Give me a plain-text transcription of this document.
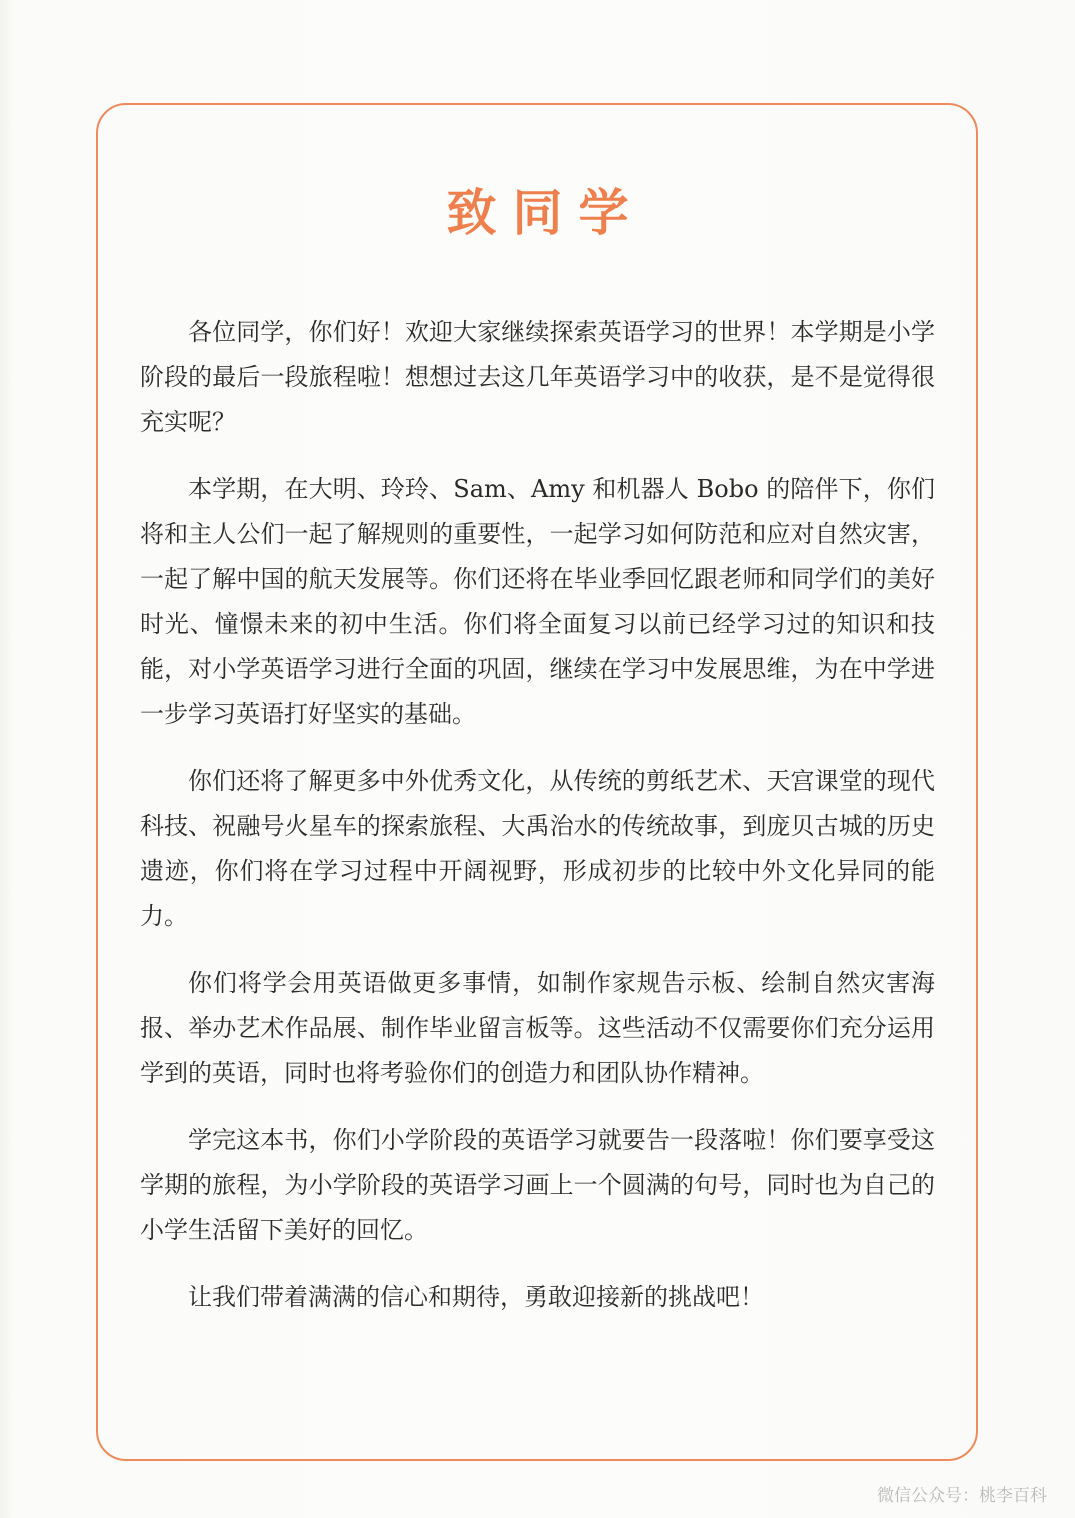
致同学

各位同学，你们好！欢迎大家继续探索英语学习的世界！本学期是小学阶段的最后一段旅程啦！想想过去这几年英语学习中的收获，是不是觉得很充实呢？

本学期，在大明、玲玲、Sam、Amy 和机器人 Bobo 的陪伴下，你们将和主人公们一起了解规则的重要性，一起学习如何防范和应对自然灾害，一起了解中国的航天发展等。你们还将在毕业季回忆跟老师和同学们的美好时光、憧憬未来的初中生活。你们将全面复习以前已经学习过的知识和技能，对小学英语学习进行全面的巩固，继续在学习中发展思维，为在中学进一步学习英语打好坚实的基础。

你们还将了解更多中外优秀文化，从传统的剪纸艺术、天宫课堂的现代科技、祝融号火星车的探索旅程、大禹治水的传统故事，到庞贝古城的历史遗迹，你们将在学习过程中开阔视野，形成初步的比较中外文化异同的能力。

你们将学会用英语做更多事情，如制作家规告示板、绘制自然灾害海报、举办艺术作品展、制作毕业留言板等。这些活动不仅需要你们充分运用学到的英语，同时也将考验你们的创造力和团队协作精神。

学完这本书，你们小学阶段的英语学习就要告一段落啦！你们要享受这学期的旅程，为小学阶段的英语学习画上一个圆满的句号，同时也为自己的小学生活留下美好的回忆。

让我们带着满满的信心和期待，勇敢迎接新的挑战吧！

微信公众号：桃李百科
